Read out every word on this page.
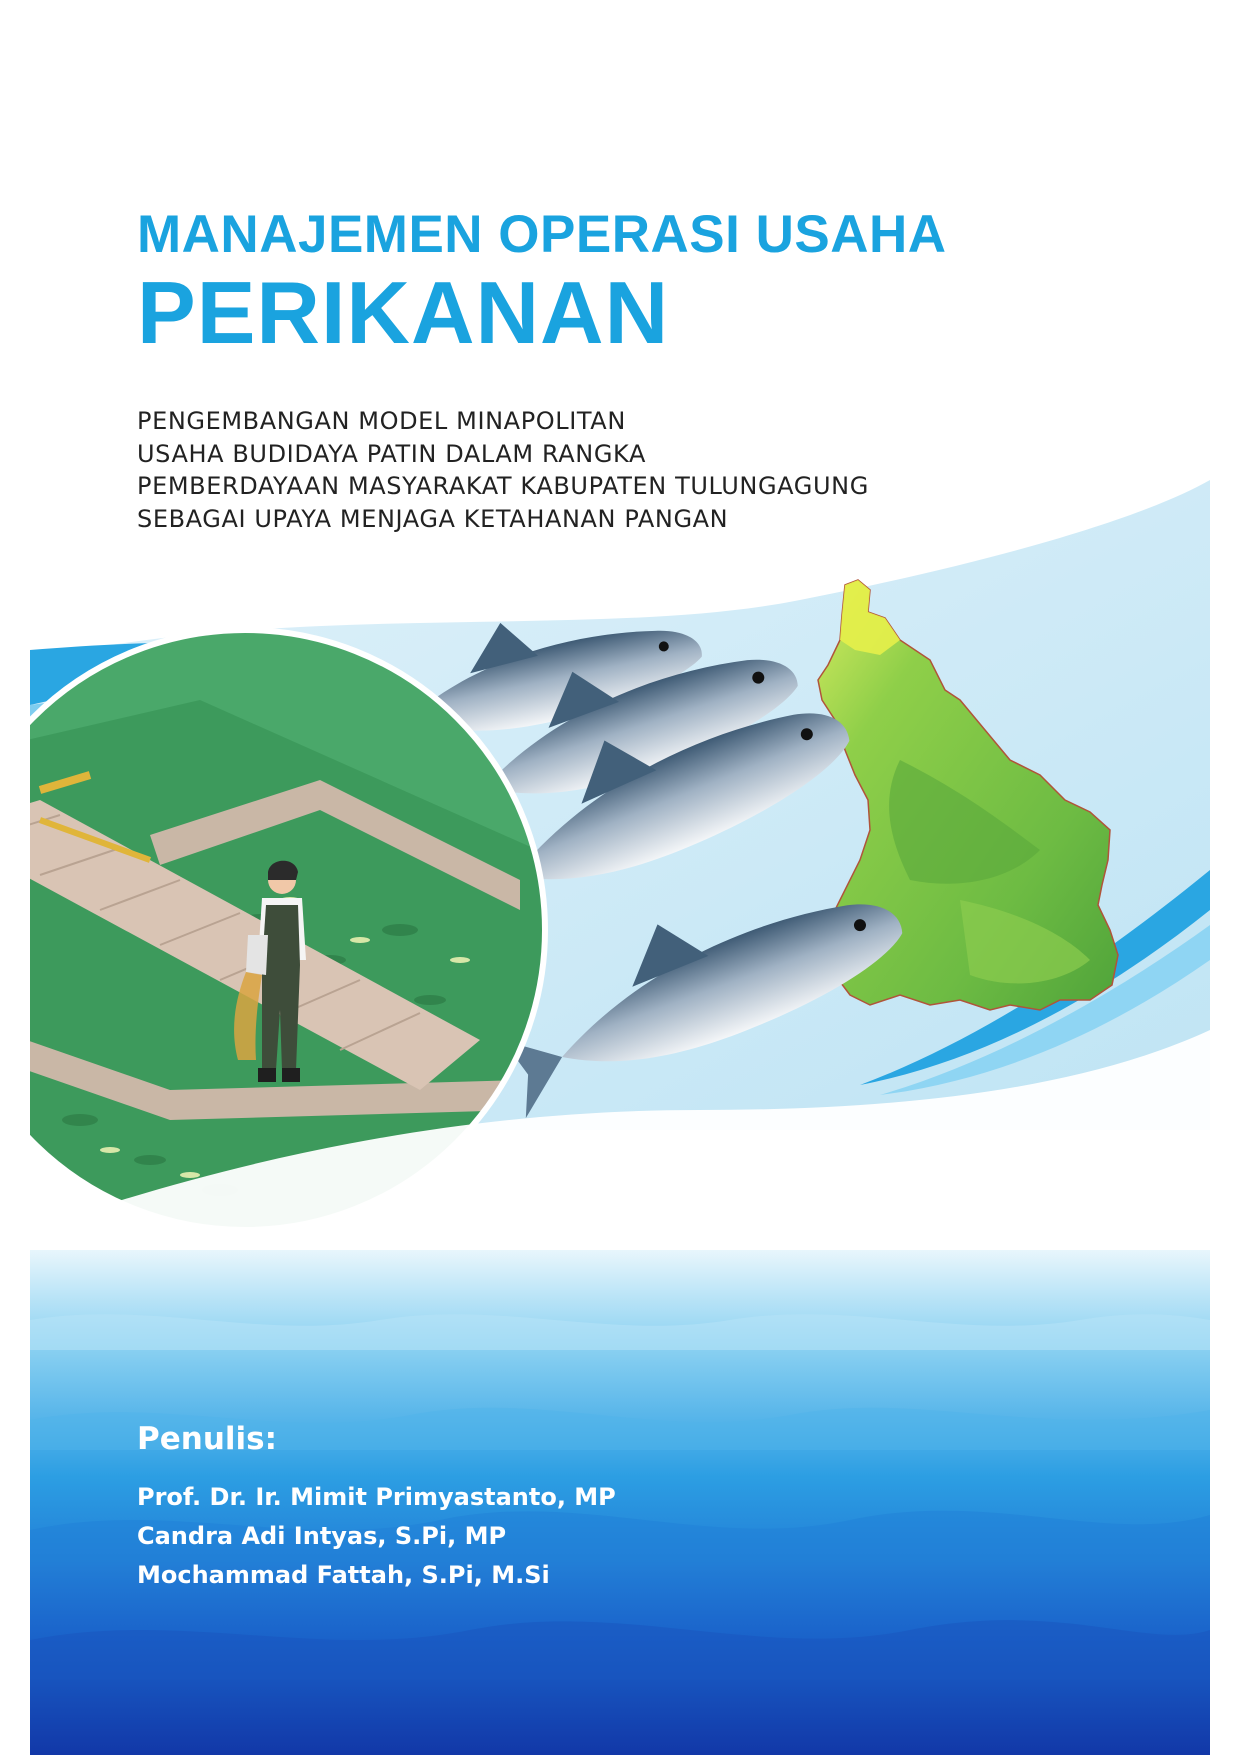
MANAJEMEN OPERASI USAHA

PERIKANAN

PENGEMBANGAN MODEL MINAPOLITAN
USAHA BUDIDAYA PATIN DALAM RANGKA
PEMBERDAYAAN MASYARAKAT KABUPATEN TULUNGAGUNG
SEBAGAI UPAYA MENJAGA KETAHANAN PANGAN

Penulis:

Prof. Dr. Ir. Mimit Primyastanto, MP

Candra Adi Intyas, S.Pi, MP

Mochammad Fattah, S.Pi, M.Si
